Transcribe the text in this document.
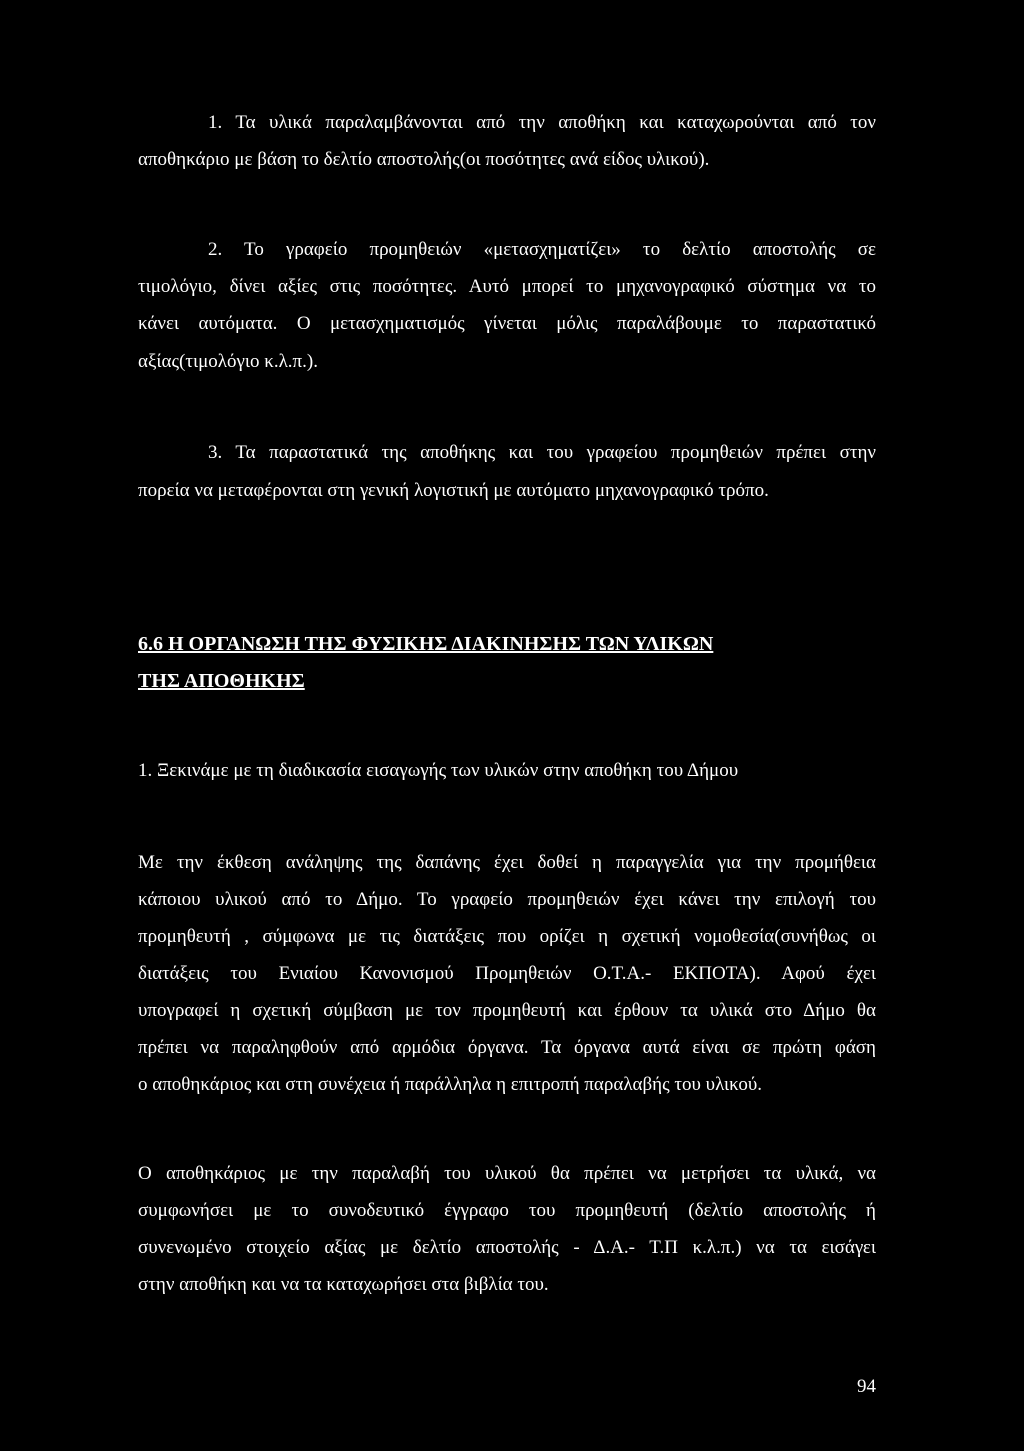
1. Τα υλικά παραλαμβάνονται από την αποθήκη και καταχωρούνται από τον
αποθηκάριο με βάση το δελτίο αποστολής(οι ποσότητες ανά είδος υλικού).
2. Το γραφείο προμηθειών «μετασχηματίζει» το δελτίο αποστολής σε
τιμολόγιο, δίνει αξίες στις ποσότητες. Αυτό μπορεί το μηχανογραφικό σύστημα να το
κάνει αυτόματα. Ο μετασχηματισμός γίνεται μόλις παραλάβουμε το παραστατικό
αξίας(τιμολόγιο κ.λ.π.).
3. Τα παραστατικά της αποθήκης και του γραφείου προμηθειών πρέπει στην
πορεία να μεταφέρονται στη γενική λογιστική με αυτόματο μηχανογραφικό τρόπο.
6.6 Η ΟΡΓΑΝΩΣΗ ΤΗΣ ΦΥΣΙΚΗΣ ΔΙΑΚΙΝΗΣΗΣ ΤΩΝ ΥΛΙΚΩΝ
ΤΗΣ ΑΠΟΘΗΚΗΣ
1. Ξεκινάμε με τη διαδικασία εισαγωγής των υλικών στην αποθήκη του Δήμου
Με την έκθεση ανάληψης της δαπάνης έχει δοθεί η παραγγελία για την προμήθεια
κάποιου υλικού από το Δήμο. Το γραφείο προμηθειών έχει κάνει την επιλογή του
προμηθευτή , σύμφωνα με τις διατάξεις που ορίζει η σχετική νομοθεσία(συνήθως οι
διατάξεις του Ενιαίου Κανονισμού Προμηθειών Ο.Τ.Α.- ΕΚΠΟΤΑ). Αφού έχει
υπογραφεί η σχετική σύμβαση με τον προμηθευτή και έρθουν τα υλικά στο Δήμο θα
πρέπει να παραληφθούν από αρμόδια όργανα. Τα όργανα αυτά είναι σε πρώτη φάση
ο αποθηκάριος και στη συνέχεια ή παράλληλα η επιτροπή παραλαβής του υλικού.
Ο αποθηκάριος με την παραλαβή του υλικού θα πρέπει να μετρήσει τα υλικά, να
συμφωνήσει με το συνοδευτικό έγγραφο του προμηθευτή (δελτίο αποστολής ή
συνενωμένο στοιχείο αξίας με δελτίο αποστολής - Δ.Α.- Τ.Π κ.λ.π.) να τα εισάγει
στην αποθήκη και να τα καταχωρήσει στα βιβλία του.
94
